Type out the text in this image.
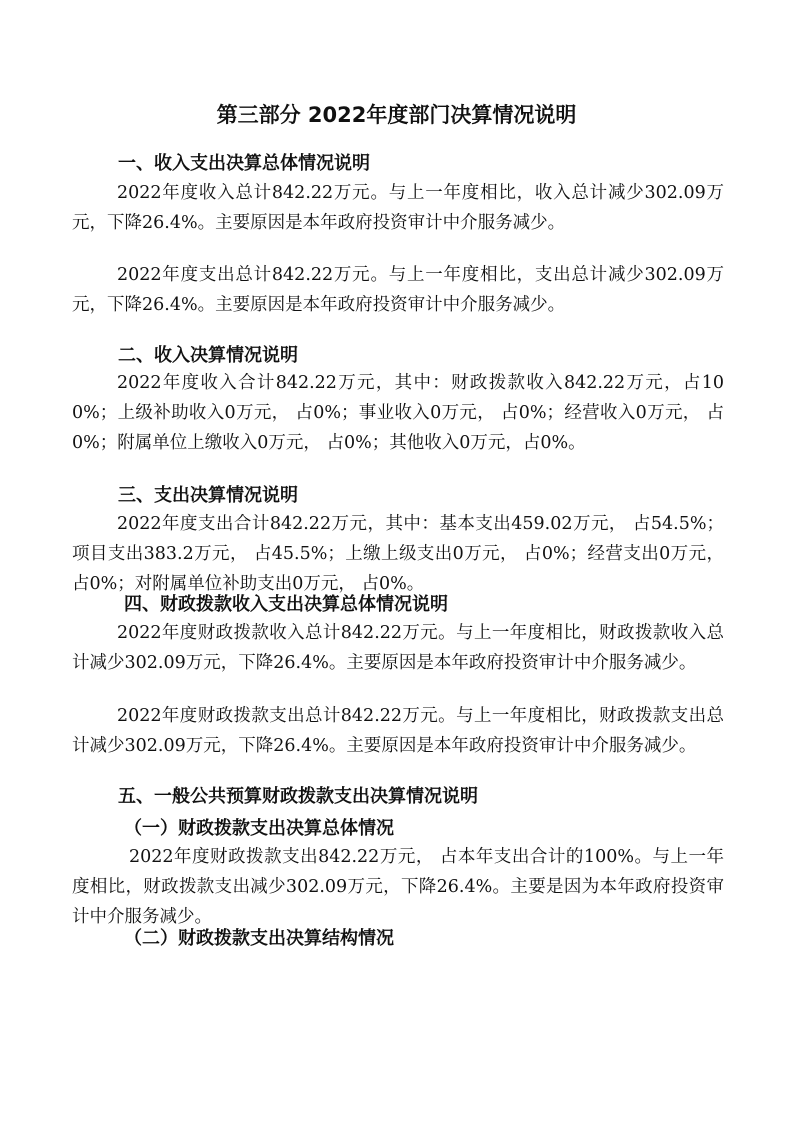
第三部分 2022年度部门决算情况说明
一、收入支出决算总体情况说明
2022年度收入总计842.22万元。与上一年度相比，收入总计减少302.09万元，下降26.4%。主要原因是本年政府投资审计中介服务减少。
2022年度支出总计842.22万元。与上一年度相比，支出总计减少302.09万元，下降26.4%。主要原因是本年政府投资审计中介服务减少。
二、收入决算情况说明
2022年度收入合计842.22万元，其中：财政拨款收入842.22万元，占100%；上级补助收入0万元， 占0%；事业收入0万元， 占0%；经营收入0万元， 占0%；附属单位上缴收入0万元， 占0%；其他收入0万元，占0%。
三、支出决算情况说明
2022年度支出合计842.22万元，其中：基本支出459.02万元， 占54.5%；项目支出383.2万元， 占45.5%；上缴上级支出0万元， 占0%；经营支出0万元， 占0%；对附属单位补助支出0万元， 占0%。
四、财政拨款收入支出决算总体情况说明
2022年度财政拨款收入总计842.22万元。与上一年度相比，财政拨款收入总计减少302.09万元，下降26.4%。主要原因是本年政府投资审计中介服务减少。
2022年度财政拨款支出总计842.22万元。与上一年度相比，财政拨款支出总计减少302.09万元，下降26.4%。主要原因是本年政府投资审计中介服务减少。
五、一般公共预算财政拨款支出决算情况说明
（一）财政拨款支出决算总体情况
2022年度财政拨款支出842.22万元， 占本年支出合计的100%。与上一年度相比，财政拨款支出减少302.09万元，下降26.4%。主要是因为本年政府投资审计中介服务减少。
（二）财政拨款支出决算结构情况
